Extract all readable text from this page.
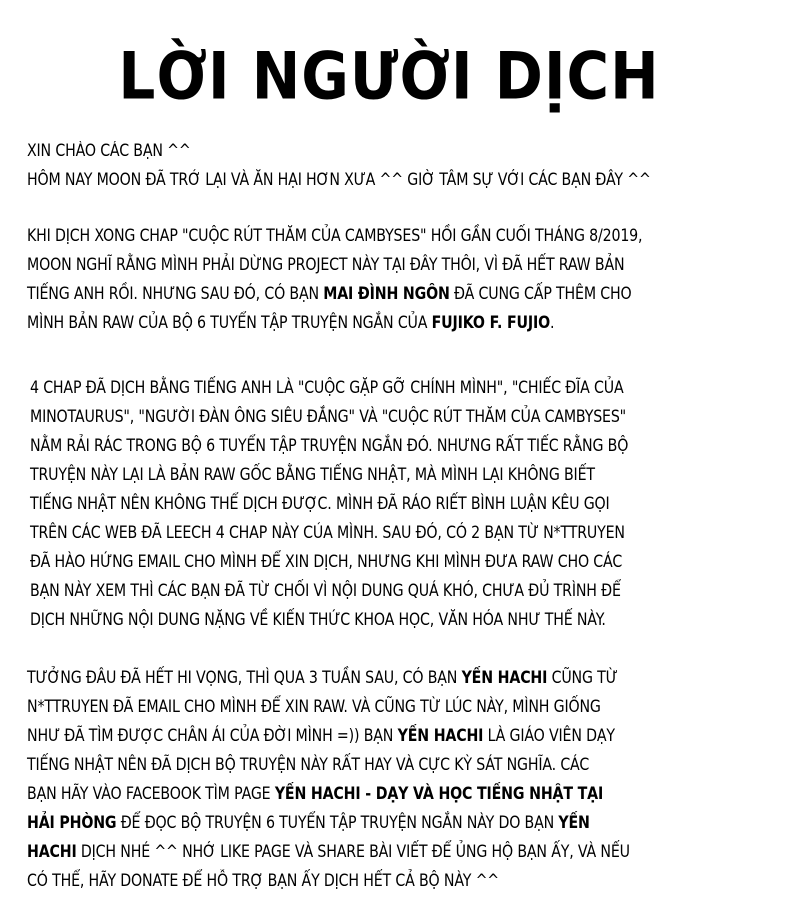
LỜI NGƯỜI DỊCH
XIN CHÀO CÁC BẠN ^^
HÔM NAY MOON ĐÃ TRỞ LẠI VÀ ĂN HẠI HƠN XƯA ^^ GIỜ TÂM SỰ VỚI CÁC BẠN ĐÂY ^^
KHI DỊCH XONG CHAP "CUỘC RÚT THĂM CỦA CAMBYSES" HỒI GẦN CUỐI THÁNG 8/2019,
MOON NGHĨ RẰNG MÌNH PHẢI DỪNG PROJECT NÀY TẠI ĐÂY THÔI, VÌ ĐÃ HẾT RAW BẢN
TIẾNG ANH RỒI. NHƯNG SAU ĐÓ, CÓ BẠN MAI ĐÌNH NGÔN ĐÃ CUNG CẤP THÊM CHO
MÌNH BẢN RAW CỦA BỘ 6 TUYỂN TẬP TRUYỆN NGẮN CỦA FUJIKO F. FUJIO.
4 CHAP ĐÃ DỊCH BẰNG TIẾNG ANH LÀ "CUỘC GẶP GỠ CHÍNH MÌNH", "CHIẾC ĐĨA CỦA
MINOTAURUS", "NGƯỜI ĐÀN ÔNG SIÊU ĐẲNG" VÀ "CUỘC RÚT THĂM CỦA CAMBYSES"
NẰM RẢI RÁC TRONG BỘ 6 TUYỂN TẬP TRUYỆN NGẮN ĐÓ. NHƯNG RẤT TIẾC RẰNG BỘ
TRUYỆN NÀY LẠI LÀ BẢN RAW GỐC BẰNG TIẾNG NHẬT, MÀ MÌNH LẠI KHÔNG BIẾT
TIẾNG NHẬT NÊN KHÔNG THỂ DỊCH ĐƯỢC. MÌNH ĐÃ RÁO RIẾT BÌNH LUẬN KÊU GỌI
TRÊN CÁC WEB ĐÃ LEECH 4 CHAP NÀY CỦA MÌNH. SAU ĐÓ, CÓ 2 BẠN TỪ N*TTRUYEN
ĐÃ HÀO HỨNG EMAIL CHO MÌNH ĐỂ XIN DỊCH, NHƯNG KHI MÌNH ĐƯA RAW CHO CÁC
BẠN NÀY XEM THÌ CÁC BẠN ĐÃ TỪ CHỐI VÌ NỘI DUNG QUÁ KHÓ, CHƯA ĐỦ TRÌNH ĐỂ
DỊCH NHỮNG NỘI DUNG NẶNG VỀ KIẾN THỨC KHOA HỌC, VĂN HÓA NHƯ THẾ NÀY.
TƯỞNG ĐÂU ĐÃ HẾT HI VỌNG, THÌ QUA 3 TUẦN SAU, CÓ BẠN YẾN HACHI CŨNG TỪ
N*TTRUYEN ĐÃ EMAIL CHO MÌNH ĐỂ XIN RAW. VÀ CŨNG TỪ LÚC NÀY, MÌNH GIỐNG
NHƯ ĐÃ TÌM ĐƯỢC CHÂN ÁI CỦA ĐỜI MÌNH =)) BẠN YẾN HACHI LÀ GIÁO VIÊN DẠY
TIẾNG NHẬT NÊN ĐÃ DỊCH BỘ TRUYỆN NÀY RẤT HAY VÀ CỰC KỲ SÁT NGHĨA. CÁC
BẠN HÃY VÀO FACEBOOK TÌM PAGE YẾN HACHI - DẠY VÀ HỌC TIẾNG NHẬT TẠI
HẢI PHÒNG ĐỂ ĐỌC BỘ TRUYỆN 6 TUYỂN TẬP TRUYỆN NGẮN NÀY DO BẠN YẾN
HACHI DỊCH NHÉ ^^ NHỚ LIKE PAGE VÀ SHARE BÀI VIẾT ĐỂ ỦNG HỘ BẠN ẤY, VÀ NẾU
CÓ THỂ, HÃY DONATE ĐỂ HỖ TRỢ BẠN ẤY DỊCH HẾT CẢ BỘ NÀY ^^
